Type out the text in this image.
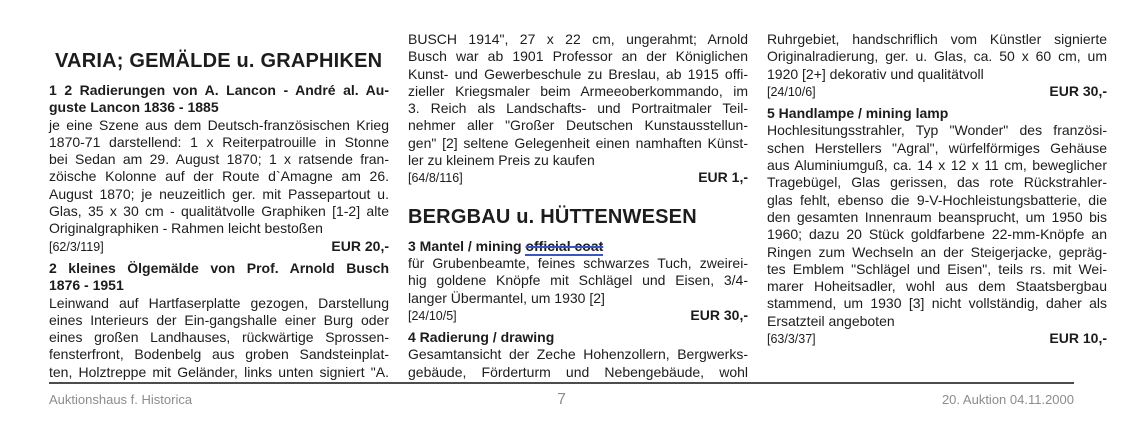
VARIA; GEMÄLDE u. GRAPHIKEN
1 2 Radierungen von A. Lancon - André al. Au-
guste Lancon 1836 - 1885
je eine Szene aus dem Deutsch-französischen Krieg
1870-71 darstellend: 1 x Reiterpatrouille in Stonne
bei Sedan am 29. August 1870; 1 x ratsende fran-
zöische Kolonne auf der Route d`Amagne am 26.
August 1870; je neuzeitlich ger. mit Passepartout u.
Glas, 35 x 30 cm - qualitätvolle Graphiken [1-2] alte
Originalgraphiken - Rahmen leicht bestoßen
[62/3/119]	EUR 20,-
2 kleines Ölgemälde von Prof. Arnold Busch
1876 - 1951
Leinwand auf Hartfaserplatte gezogen, Darstellung
eines Interieurs der Ein-gangshalle einer Burg oder
eines großen Landhauses, rückwärtige Sprossen-
fensterfront, Bodenbelg aus groben Sandsteinplat-
ten, Holztreppe mit Geländer, links unten signiert "A.
BUSCH 1914", 27 x 22 cm, ungerahmt; Arnold
Busch war ab 1901 Professor an der Königlichen
Kunst- und Gewerbeschule zu Breslau, ab 1915 offi-
zieller Kriegsmaler beim Armeeoberkommando, im
3. Reich als Landschafts- und Portraitmaler Teil-
nehmer aller "Großer Deutschen Kunstausstellun-
gen" [2] seltene Gelegenheit einen namhaften Künst-
ler zu kleinem Preis zu kaufen
[64/8/116]	EUR 1,-
BERGBAU u. HÜTTENWESEN
3 Mantel / mining official coat
für Grubenbeamte, feines schwarzes Tuch, zweirei-
hig goldene Knöpfe mit Schlägel und Eisen, 3/4-
langer Übermantel, um 1930 [2]
[24/10/5]	EUR 30,-
4 Radierung / drawing
Gesamtansicht der Zeche Hohenzollern, Bergwerks-
gebäude, Förderturm und Nebengebäude, wohl
Ruhrgebiet, handschriflich vom Künstler signierte
Originalradierung, ger. u. Glas, ca. 50 x 60 cm, um
1920 [2+] dekorativ und qualitätvoll
[24/10/6]	EUR 30,-
5 Handlampe / mining lamp
Hochlesitungsstrahler, Typ "Wonder" des französi-
schen Herstellers "Agral", würfelförmiges Gehäuse
aus Aluminiumguß, ca. 14 x 12 x 11 cm, beweglicher
Tragebügel, Glas gerissen, das rote Rückstrahler-
glas fehlt, ebenso die 9-V-Hochleistungsbatterie, die
den gesamten Innenraum beansprucht, um 1950 bis
1960; dazu 20 Stück goldfarbene 22-mm-Knöpfe an
Ringen zum Wechseln an der Steigerjacke, gepräg-
tes Emblem "Schlägel und Eisen", teils rs. mit Wei-
marer Hoheitsadler, wohl aus dem Staatsbergbau
stammend, um 1930 [3] nicht vollständig, daher als
Ersatzteil angeboten
[63/3/37]	EUR 10,-
Auktionshaus f. Historica	7	20. Auktion 04.11.2000
